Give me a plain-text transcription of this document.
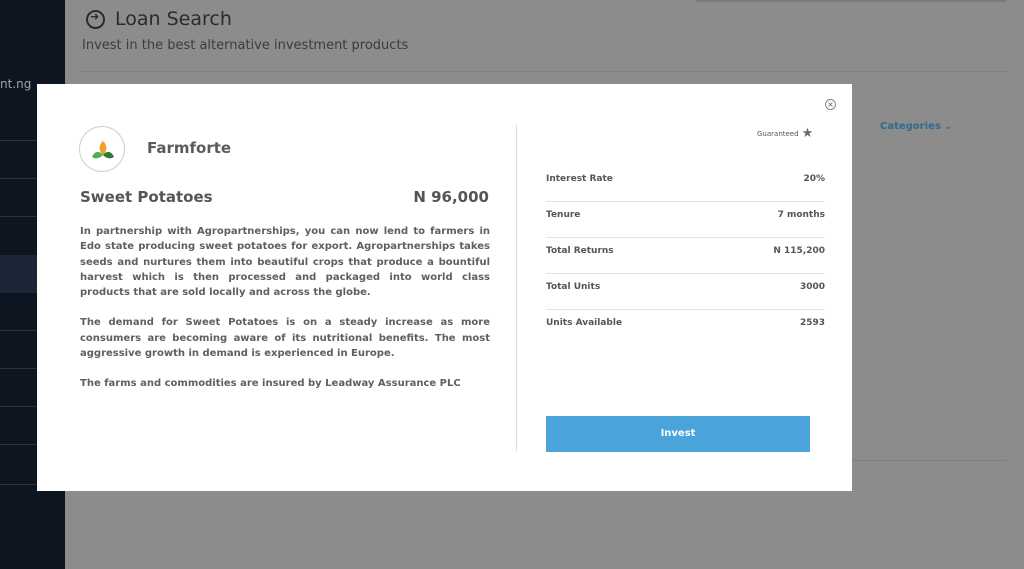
nt.ng
➜
Loan Search
Invest in the best alternative investment products
×
Farmforte
Sweet Potatoes	N 96,000

In partnership with Agropartnerships, you can now lend to farmers in Edo state producing sweet potatoes for export. Agropartnerships takes seeds and nurtures them into beautiful crops that produce a bountiful harvest which is then processed and packaged into world class products that are sold locally and across the globe.

The demand for Sweet Potatoes is on a steady increase as more consumers are becoming aware of its nutritional benefits. The most aggressive growth in demand is experienced in Europe.

The farms and commodities are insured by Leadway Assurance PLC

Guaranteed ★
Interest Rate	20%
Tenure	7 months
Total Returns	N 115,200
Total Units	3000
Units Available	2593
Invest
Categories ⌄
